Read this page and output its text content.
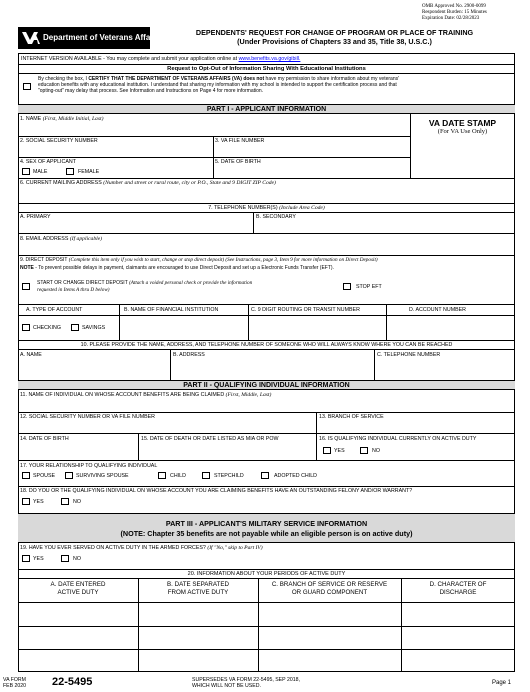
OMB Approved No. 2900-0099
Respondent Burden: 15 Minutes
Expiration Date: 02/28/2023
Department of Veterans Affairs
DEPENDENTS' REQUEST FOR CHANGE OF PROGRAM OR PLACE OF TRAINING
(Under Provisions of Chapters 33 and 35, Title 38, U.S.C.)
INTERNET VERSION AVAILABLE - You may complete and submit your application online at www.benefits.va.gov/gibill.
Request to Opt-Out of Information Sharing With Educational Institutions
By checking the box, I CERTIFY THAT THE DEPARTMENT OF VETERANS AFFAIRS (VA) does not have my permission to share information about my veterans'
education benefits with any educational institution. I understand that sharing my information with my school is intended to support the certification process and that
"opting-out" may delay that process. See Information and Instructions on Page 4 for more information.
PART I - APPLICANT INFORMATION
1. NAME (First, Middle Initial, Last)	VA DATE STAMP
(For VA Use Only)
2. SOCIAL SECURITY NUMBER	3. VA FILE NUMBER
4. SEX OF APPLICANT
MALE	FEMALE
5. DATE OF BIRTH
6. CURRENT MAILING ADDRESS (Number and street or rural route, city or P.O., State and 9 DIGIT ZIP Code)
7. TELEPHONE NUMBER(S) (Include Area Code)
A. PRIMARY	B. SECONDARY
8. EMAIL ADDRESS (If applicable)
9. DIRECT DEPOSIT (Complete this item only if you wish to start, change or stop direct deposit) (See Instructions, page 3, Item 9 for more information on Direct Deposit)
NOTE - To prevent possible delays in payment, claimants are encouraged to use Direct Deposit and set up a Electronic Funds Transfer (EFT).
START OR CHANGE DIRECT DEPOSIT (Attach a voided personal check or provide the information
requested in Items A thru D below)	STOP EFT
A. TYPE OF ACCOUNT	B. NAME OF FINANCIAL INSTITUTION	C. 9 DIGIT ROUTING OR TRANSIT NUMBER	D. ACCOUNT NUMBER
CHECKING	SAVINGS
10. PLEASE PROVIDE THE NAME, ADDRESS, AND TELEPHONE NUMBER OF SOMEONE WHO WILL ALWAYS KNOW WHERE YOU CAN BE REACHED
A. NAME	B. ADDRESS	C. TELEPHONE NUMBER
PART II - QUALIFYING INDIVIDUAL INFORMATION
11. NAME OF INDIVIDUAL ON WHOSE ACCOUNT BENEFITS ARE BEING CLAIMED (First, Middle, Last)
12. SOCIAL SECURITY NUMBER OR VA FILE NUMBER	13. BRANCH OF SERVICE
14. DATE OF BIRTH	15. DATE OF DEATH OR DATE LISTED AS MIA OR POW	16. IS QUALIFYING INDIVIDUAL CURRENTLY ON ACTIVE DUTY
YES	NO
17. YOUR RELATIONSHIP TO QUALIFYING INDIVIDUAL
SPOUSE	SURVIVING SPOUSE	CHILD	STEPCHILD	ADOPTED CHILD
18. DO YOU OR THE QUALIFYING INDIVIDUAL ON WHOSE ACCOUNT YOU ARE CLAIMING BENEFITS HAVE AN OUTSTANDING FELONY AND/OR WARRANT?
YES	NO
PART III - APPLICANT'S MILITARY SERVICE INFORMATION
(NOTE: Chapter 35 benefits are not payable while an eligible person is on active duty)
19. HAVE YOU EVER SERVED ON ACTIVE DUTY IN THE ARMED FORCES? (If "No," skip to Part IV)
YES	NO
20. INFORMATION ABOUT YOUR PERIODS OF ACTIVE DUTY
A. DATE ENTERED
ACTIVE DUTY
B. DATE SEPARATED
FROM ACTIVE DUTY
C. BRANCH OF SERVICE OR RESERVE
OR GUARD COMPONENT
D. CHARACTER OF
DISCHARGE
VA FORM
FEB 2020 22-5495	SUPERSEDES VA FORM 22-5495, SEP 2018,
WHICH WILL NOT BE USED.	Page 1
